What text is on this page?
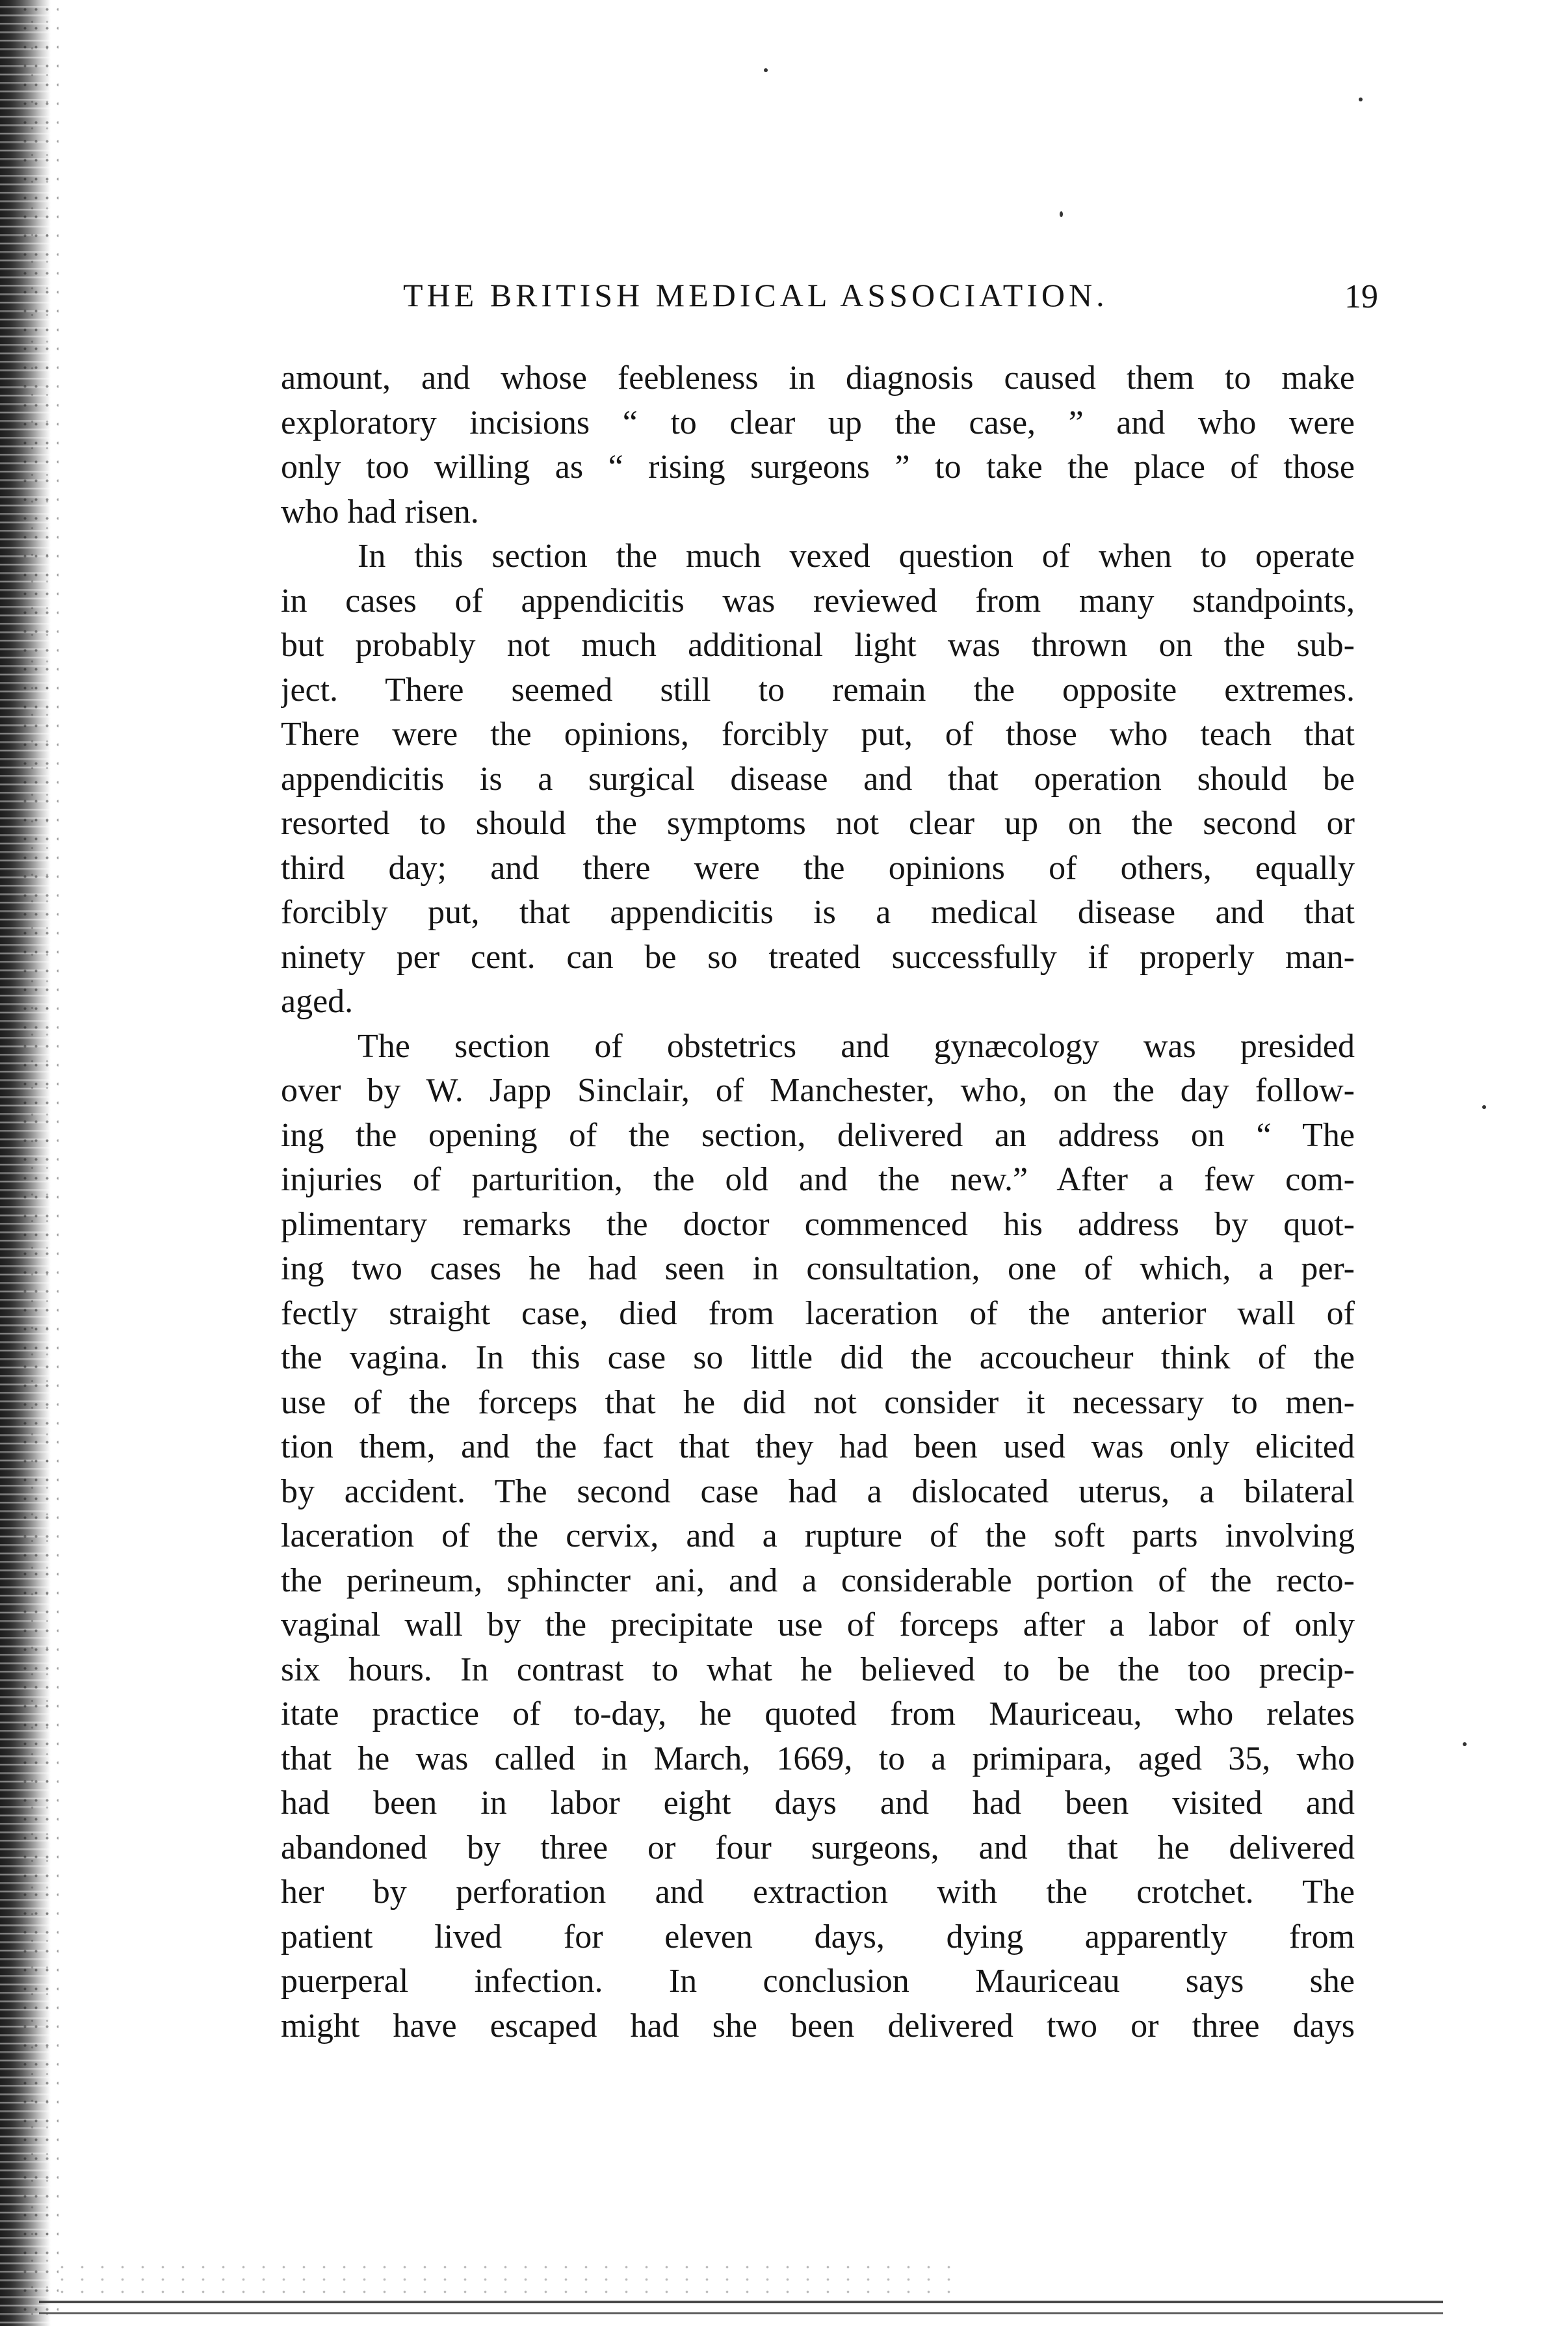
THE BRITISH MEDICAL ASSOCIATION.	19
amount, and whose feebleness in diagnosis caused them to make
exploratory incisions “ to clear up the case, ” and who were
only too willing as “ rising surgeons ” to take the place of those
who had risen.
In this section the much vexed question of when to operate
in cases of appendicitis was reviewed from many standpoints,
but probably not much additional light was thrown on the sub-
ject. There seemed still to remain the opposite extremes.
There were the opinions, forcibly put, of those who teach that
appendicitis is a surgical disease and that operation should be
resorted to should the symptoms not clear up on the second or
third day; and there were the opinions of others, equally
forcibly put, that appendicitis is a medical disease and that
ninety per cent. can be so treated successfully if properly man-
aged.
The section of obstetrics and gynæcology was presided
over by W. Japp Sinclair, of Manchester, who, on the day follow-
ing the opening of the section, delivered an address on “ The
injuries of parturition, the old and the new.” After a few com-
plimentary remarks the doctor commenced his address by quot-
ing two cases he had seen in consultation, one of which, a per-
fectly straight case, died from laceration of the anterior wall of
the vagina. In this case so little did the accoucheur think of the
use of the forceps that he did not consider it necessary to men-
tion them, and the fact that they had been used was only elicited
by accident. The second case had a dislocated uterus, a bilateral
laceration of the cervix, and a rupture of the soft parts involving
the perineum, sphincter ani, and a considerable portion of the recto-
vaginal wall by the precipitate use of forceps after a labor of only
six hours. In contrast to what he believed to be the too precip-
itate practice of to-day, he quoted from Mauriceau, who relates
that he was called in March, 1669, to a primipara, aged 35, who
had been in labor eight days and had been visited and
abandoned by three or four surgeons, and that he delivered
her by perforation and extraction with the crotchet. The
patient lived for eleven days, dying apparently from
puerperal infection. In conclusion Mauriceau says she
might have escaped had she been delivered two or three days
